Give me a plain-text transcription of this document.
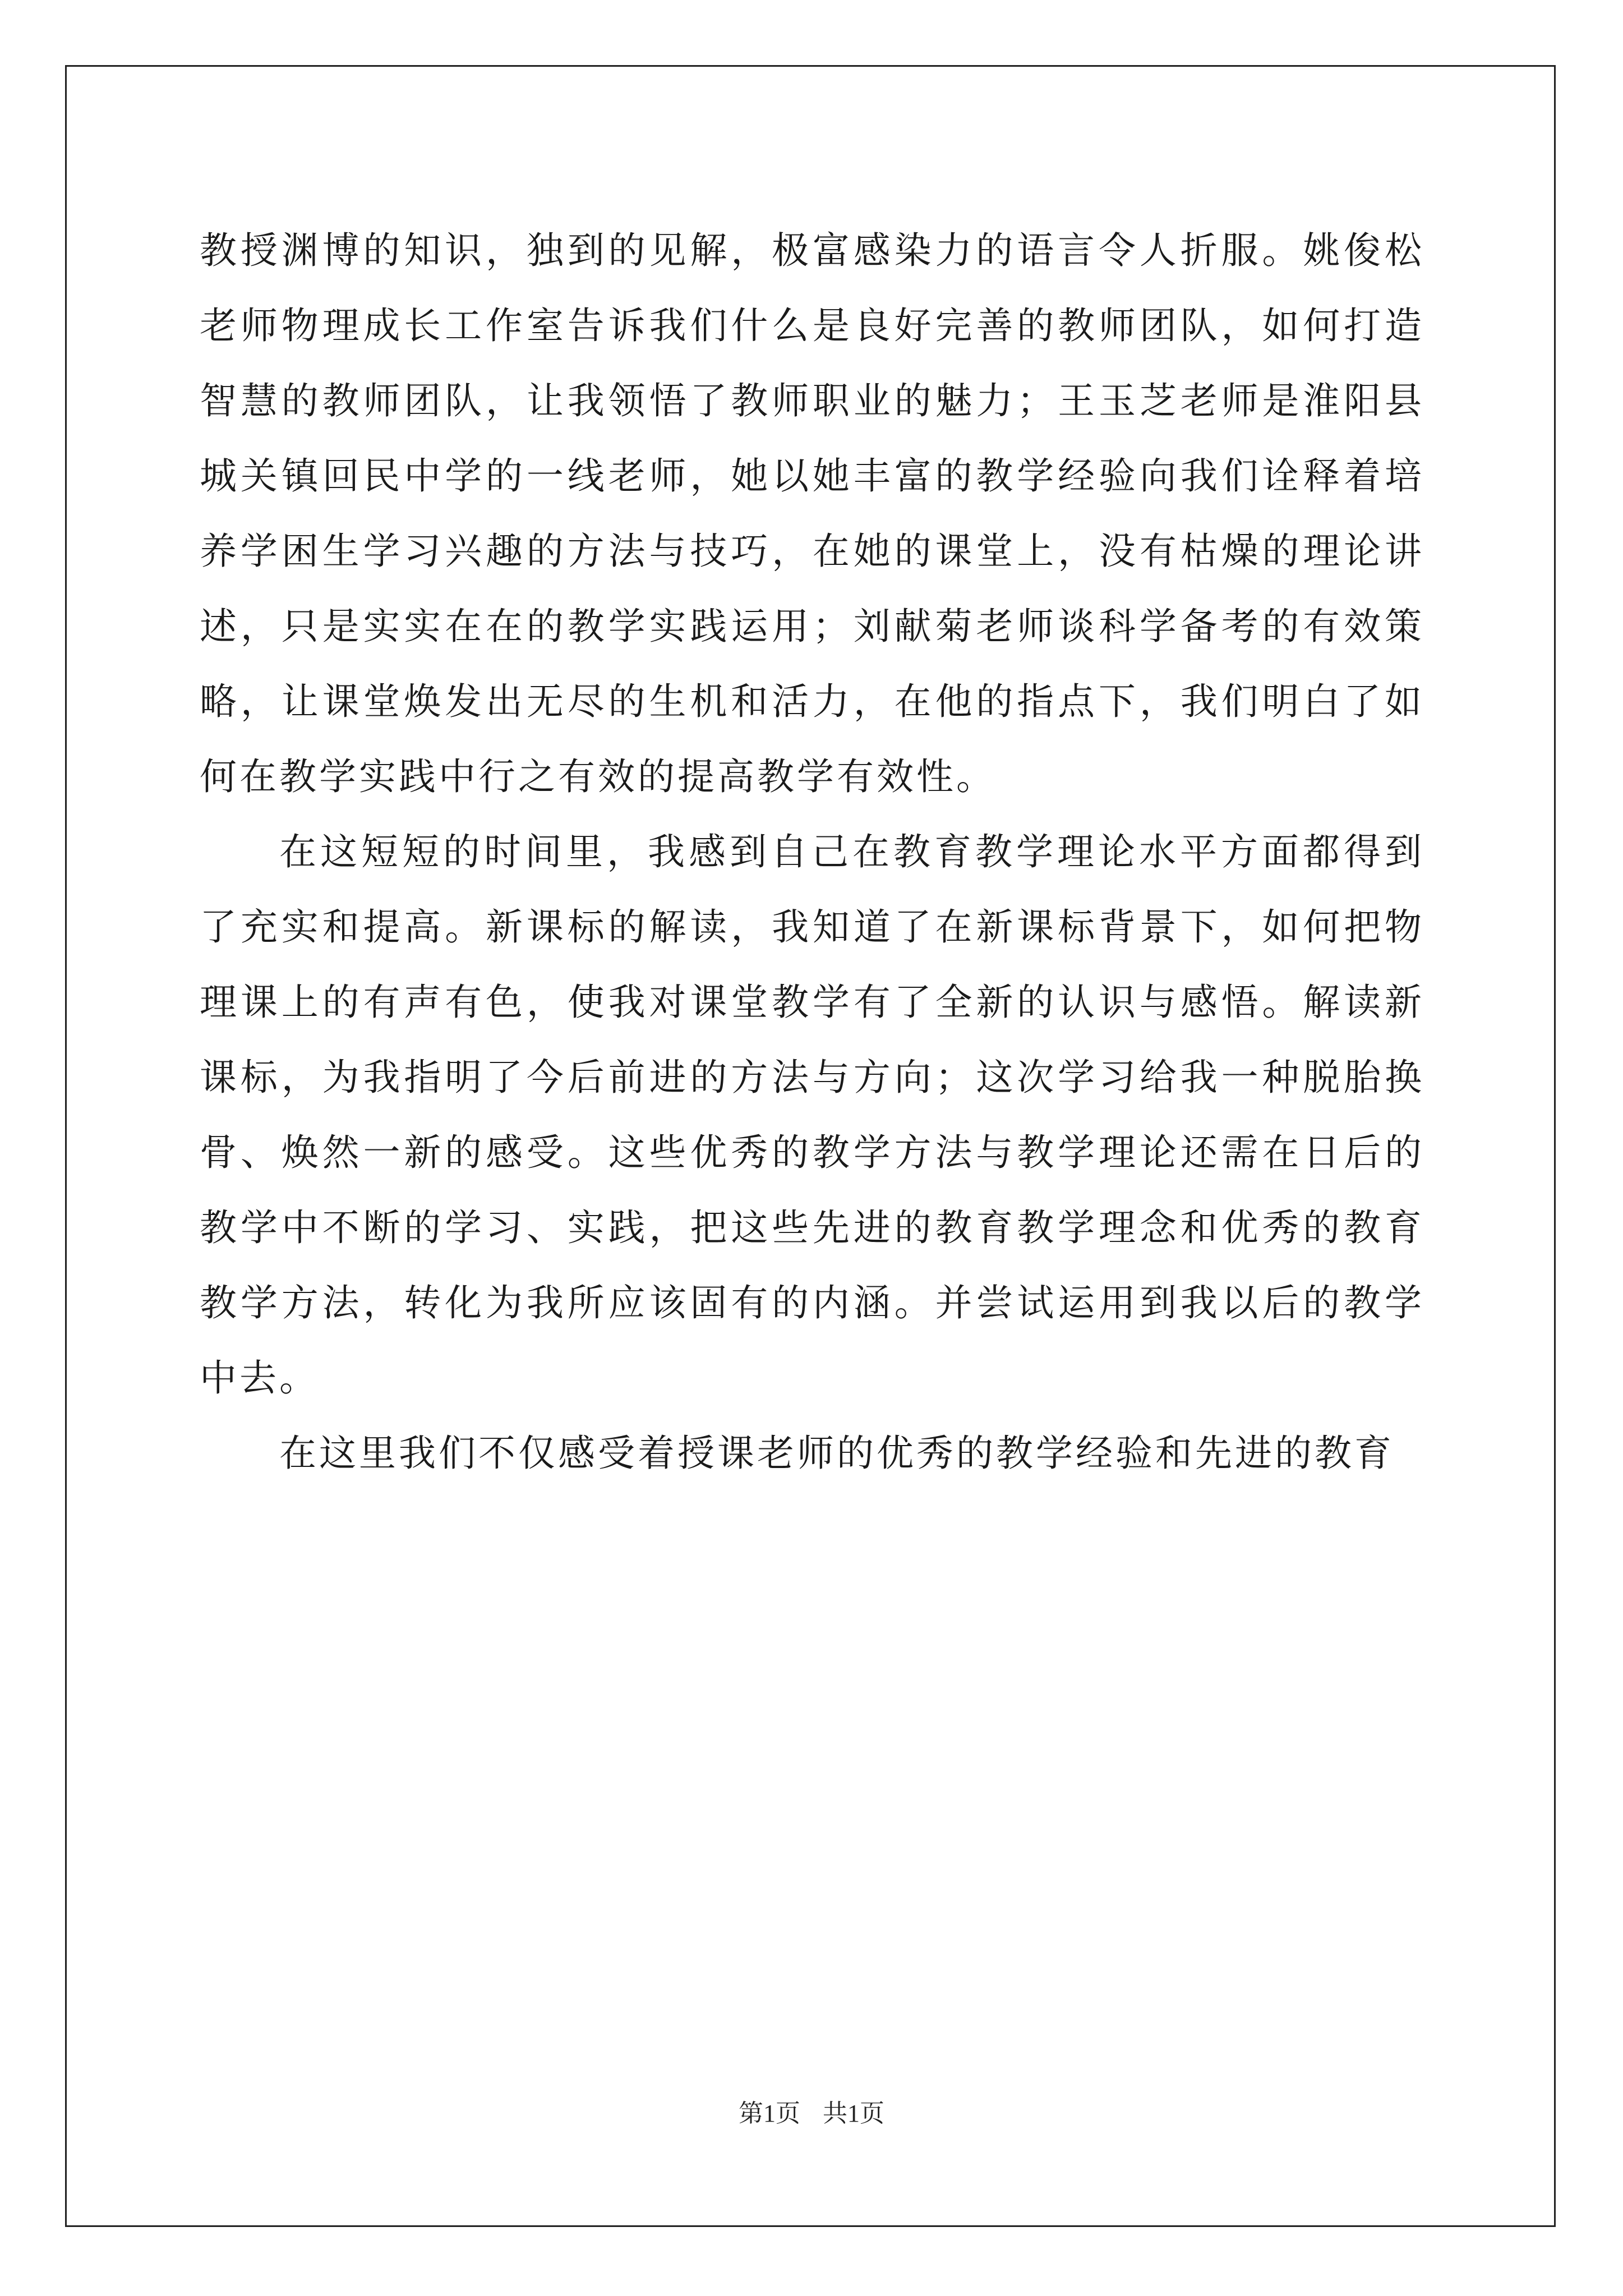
教授渊博的知识，独到的见解，极富感染力的语言令人折服。姚俊松老师物理成长工作室告诉我们什么是良好完善的教师团队，如何打造智慧的教师团队，让我领悟了教师职业的魅力；王玉芝老师是淮阳县城关镇回民中学的一线老师，她以她丰富的教学经验向我们诠释着培养学困生学习兴趣的方法与技巧，在她的课堂上，没有枯燥的理论讲述，只是实实在在的教学实践运用；刘献菊老师谈科学备考的有效策略，让课堂焕发出无尽的生机和活力，在他的指点下，我们明白了如何在教学实践中行之有效的提高教学有效性。

在这短短的时间里，我感到自己在教育教学理论水平方面都得到了充实和提高。新课标的解读，我知道了在新课标背景下，如何把物理课上的有声有色，使我对课堂教学有了全新的认识与感悟。解读新课标，为我指明了今后前进的方法与方向；这次学习给我一种脱胎换骨、焕然一新的感受。这些优秀的教学方法与教学理论还需在日后的教学中不断的学习、实践，把这些先进的教育教学理念和优秀的教育教学方法，转化为我所应该固有的内涵。并尝试运用到我以后的教学中去。

在这里我们不仅感受着授课老师的优秀的教学经验和先进的教育

第1页 共1页
